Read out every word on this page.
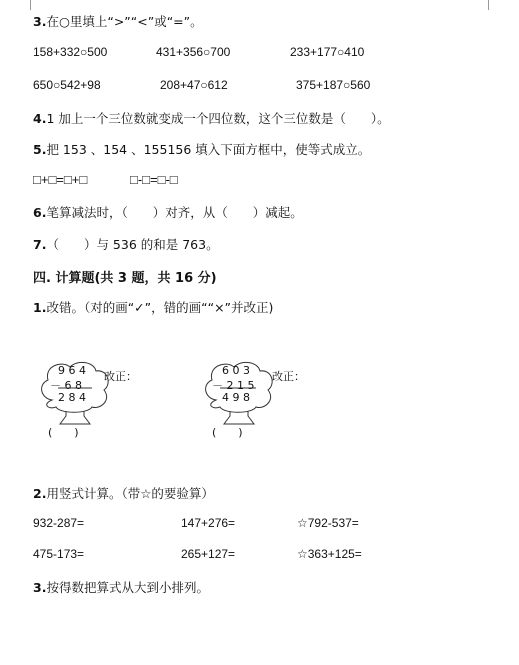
3.在○里填上“>”“<”或“=”。
158+332○500	431+356○700	233+177○410
650○542+98	208+47○612	375+187○560
4.1 加上一个三位数就变成一个四位数，这个三位数是（　　）。
5.把 153 、154 、155156 填入下面方框中，使等式成立。
□+□=□+□	□-□=□-□
6.笔算减法时，（　　）对齐，从（　　）减起。
7.（　　）与 536 的和是 763。
四. 计算题(共 3 题，共 16 分)
1.改错。（对的画“✓”，错的画““×”并改正)
9 6 4
－ 6 8
2 8 4
(　　)
改正：	6 0 3
－ 2 1 5
4 9 8
(　　)
改正：
2.用竖式计算。（带☆的要验算）
932-287=	147+276=	☆792-537=
475-173=	265+127=	☆363+125=
3.按得数把算式从大到小排列。
